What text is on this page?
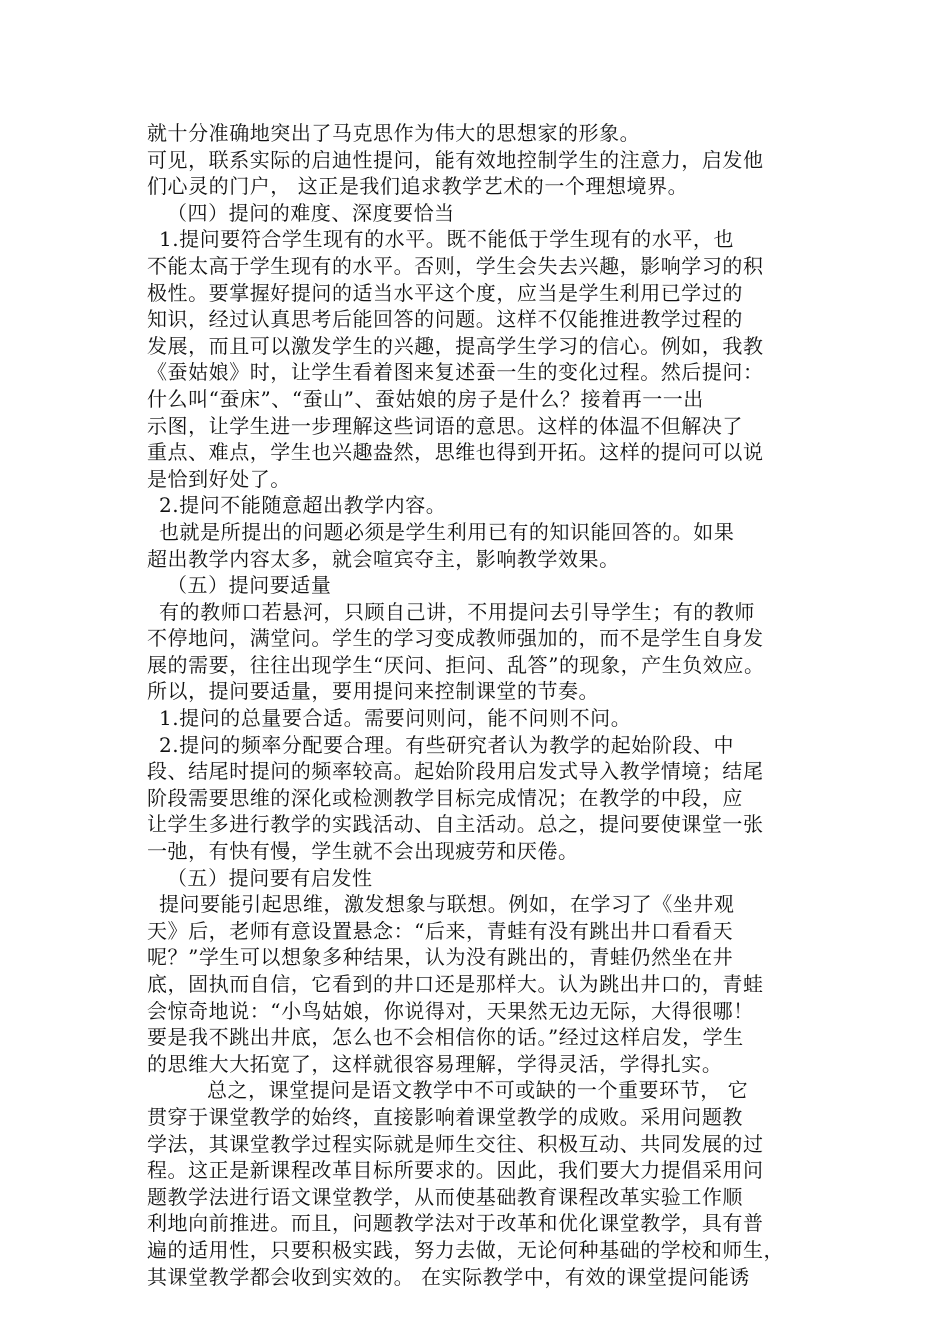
就十分准确地突出了马克思作为伟大的思想家的形象。
可见，联系实际的启迪性提问，能有效地控制学生的注意力，启发他
们心灵的门户， 这正是我们追求教学艺术的一个理想境界。
（四）提问的难度、深度要恰当
1.提问要符合学生现有的水平。既不能低于学生现有的水平，也
不能太高于学生现有的水平。否则，学生会失去兴趣，影响学习的积
极性。要掌握好提问的适当水平这个度，应当是学生利用已学过的
知识，经过认真思考后能回答的问题。这样不仅能推进教学过程的
发展，而且可以激发学生的兴趣，提高学生学习的信心。例如，我教
《蚕姑娘》时，让学生看着图来复述蚕一生的变化过程。然后提问：
什么叫“蚕床”、“蚕山”、蚕姑娘的房子是什么？接着再一一出
示图，让学生进一步理解这些词语的意思。这样的体温不但解决了
重点、难点，学生也兴趣盎然，思维也得到开拓。这样的提问可以说
是恰到好处了。
2.提问不能随意超出教学内容。
也就是所提出的问题必须是学生利用已有的知识能回答的。如果
超出教学内容太多，就会喧宾夺主，影响教学效果。
（五）提问要适量
有的教师口若悬河，只顾自己讲，不用提问去引导学生；有的教师
不停地问，满堂问。学生的学习变成教师强加的，而不是学生自身发
展的需要，往往出现学生“厌问、拒问、乱答”的现象，产生负效应。
所以，提问要适量，要用提问来控制课堂的节奏。
1.提问的总量要合适。需要问则问，能不问则不问。
2.提问的频率分配要合理。有些研究者认为教学的起始阶段、中
段、结尾时提问的频率较高。起始阶段用启发式导入教学情境；结尾
阶段需要思维的深化或检测教学目标完成情况；在教学的中段，应
让学生多进行教学的实践活动、自主活动。总之，提问要使课堂一张
一弛，有快有慢，学生就不会出现疲劳和厌倦。
（五）提问要有启发性
提问要能引起思维，激发想象与联想。例如，在学习了《坐井观
天》后，老师有意设置悬念：“后来，青蛙有没有跳出井口看看天
呢？”学生可以想象多种结果，认为没有跳出的，青蛙仍然坐在井
底，固执而自信，它看到的井口还是那样大。认为跳出井口的，青蛙
会惊奇地说：“小鸟姑娘，你说得对，天果然无边无际，大得很哪！
要是我不跳出井底，怎么也不会相信你的话。”经过这样启发，学生
的思维大大拓宽了，这样就很容易理解，学得灵活，学得扎实。
总之，课堂提问是语文教学中不可或缺的一个重要环节， 它
贯穿于课堂教学的始终，直接影响着课堂教学的成败。采用问题教
学法，其课堂教学过程实际就是师生交往、积极互动、共同发展的过
程。这正是新课程改革目标所要求的。因此，我们要大力提倡采用问
题教学法进行语文课堂教学，从而使基础教育课程改革实验工作顺
利地向前推进。而且，问题教学法对于改革和优化课堂教学，具有普
遍的适用性，只要积极实践，努力去做，无论何种基础的学校和师生，
其课堂教学都会收到实效的。 在实际教学中，有效的课堂提问能诱
